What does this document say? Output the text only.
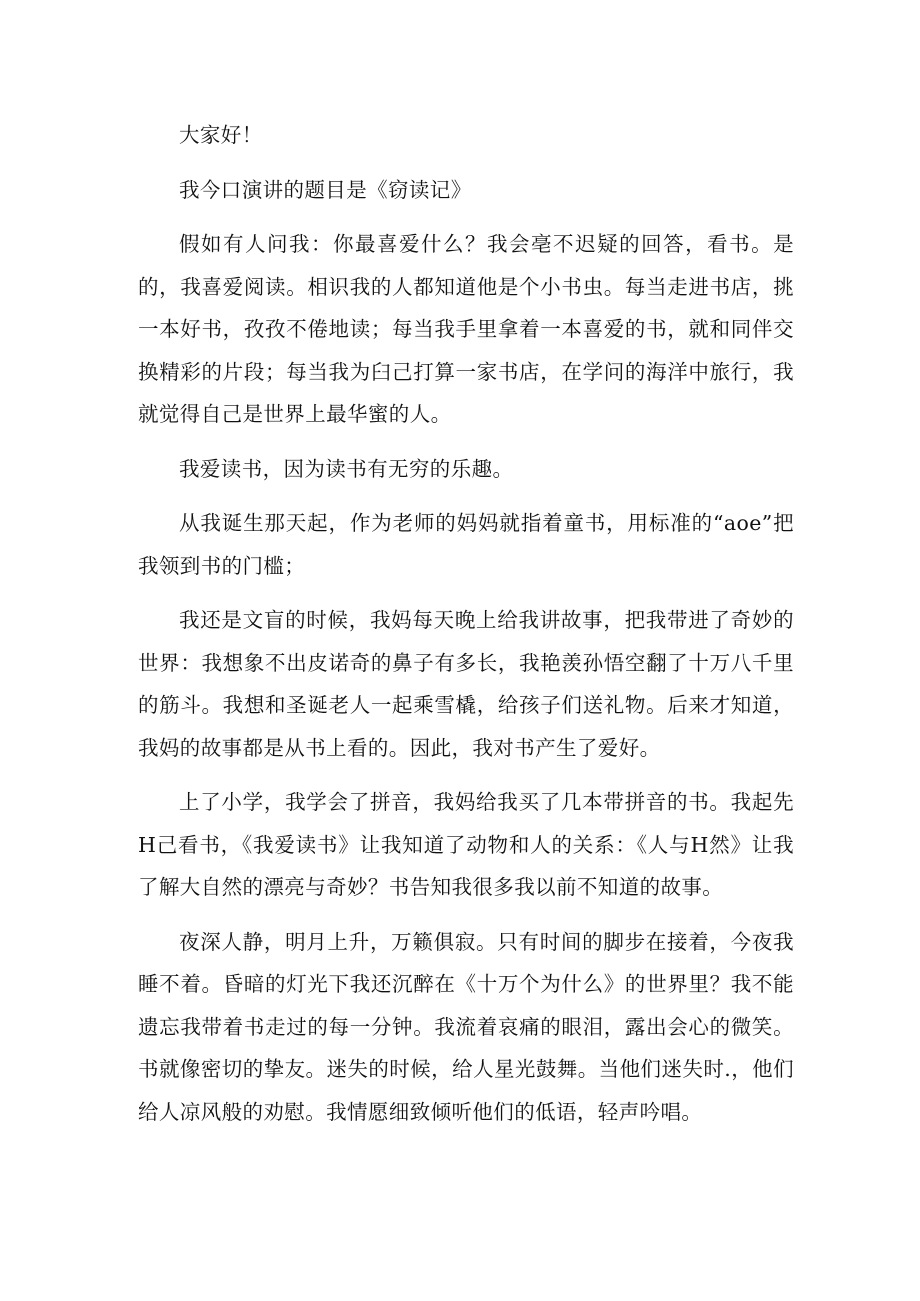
大家好！

我今口演讲的题目是《窃读记》

假如有人问我：你最喜爱什么？我会亳不迟疑的回答，看书。是的，我喜爱阅读。相识我的人都知道他是个小书虫。每当走进书店，挑一本好书，孜孜不倦地读；每当我手里拿着一本喜爱的书，就和同伴交换精彩的片段；每当我为臼己打算一家书店，在学问的海洋中旅行，我就觉得自己是世界上最华蜜的人。

我爱读书，因为读书有无穷的乐趣。

从我诞生那天起，作为老师的妈妈就指着童书，用标准的“aoe”把我领到书的门槛；

我还是文盲的时候，我妈每天晚上给我讲故事，把我带进了奇妙的世界：我想象不出皮诺奇的鼻子有多长，我艳羡孙悟空翻了十万八千里的筋斗。我想和圣诞老人一起乘雪橇，给孩子们送礼物。后来才知道，我妈的故事都是从书上看的。因此，我对书产生了爱好。

上了小学，我学会了拼音，我妈给我买了几本带拼音的书。我起先H己看书，《我爱读书》让我知道了动物和人的关系：《人与H然》让我了解大自然的漂亮与奇妙？书告知我很多我以前不知道的故事。

夜深人静，明月上升，万籁俱寂。只有时间的脚步在接着，今夜我睡不着。昏暗的灯光下我还沉醉在《十万个为什么》的世界里？我不能遗忘我带着书走过的每一分钟。我流着哀痛的眼泪，露出会心的微笑。书就像密切的挚友。迷失的时候，给人星光鼓舞。当他们迷失时.，他们给人凉风般的劝慰。我情愿细致倾听他们的低语，轻声吟唱。
